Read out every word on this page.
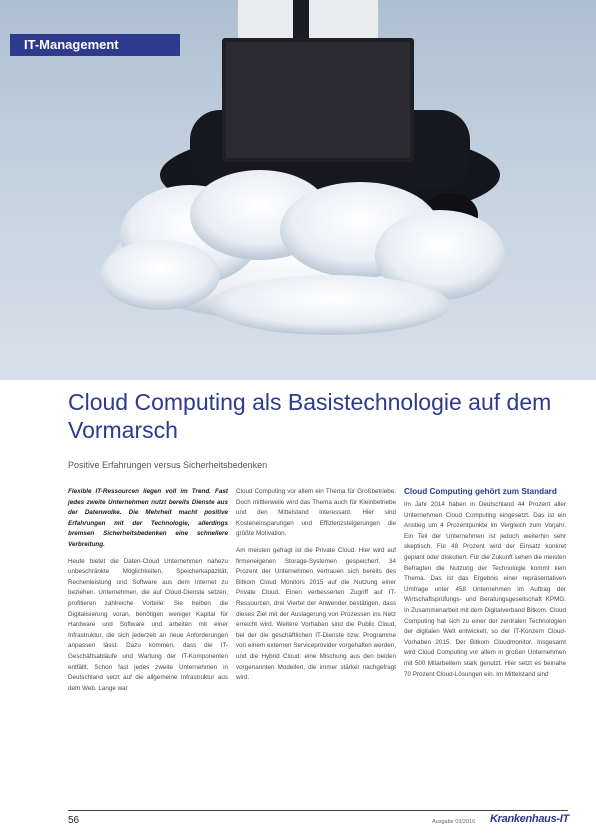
IT-Management
Cloud Computing als Basistechnologie auf dem Vormarsch

Positive Erfahrungen versus Sicherheitsbedenken

Flexible IT-Ressourcen liegen voll im Trend. Fast jedes zweite Unternehmen nutzt bereits Dienste aus der Datenwolke. Die Mehrheit macht positive Erfahrungen mit der Technologie, allerdings bremsen Sicherheitsbedenken eine schnellere Verbreitung.

Heute bietet die Daten-Cloud Unternehmen nahezu unbeschränkte Möglichkeiten, Speicherkapazität, Rechenleistung und Software aus dem Internet zu beziehen. Unternehmen, die auf Cloud-Dienste setzen, profitieren zahlreiche Vorteile: Sie treiben die Digitalisierung voran, benötigen weniger Kapital für Hardware und Software und arbeiten mit einer Infrastruktur, die sich jederzeit an neue Anforderungen anpassen lässt. Dazu kommen, dass die IT-Geschäftsabläufe und Wartung der IT-Komponenten entfällt. Schon fast jedes zweite Unternehmen in Deutschland setzt auf die allgemeine Infrastruktur aus dem Web. Lange war

Cloud Computing vor allem ein Thema für Großbetriebe. Doch mittlerweile wird das Thema auch für Kleinbetriebe und den Mittelstand interessant. Hier sind Kosteneinsparungen und Effizienzsteigerungen die größte Motivation.

Am meisten gefragt ist die Private Cloud. Hier wird auf firmeneigenen Storage-Systemen gespeichert. 34 Prozent der Unternehmen vertrauen sich bereits des Bitkom Cloud Monitors 2015 auf die Nutzung einer Private Cloud. Einen verbesserten Zugriff auf IT-Ressourcen, drei Viertel der Anwender bestätigen, dass dieses Ziel mit der Auslagerung von Prozessen ins Netz erreicht wird. Weitere Vorhaben sind die Public Cloud, bei der die geschäftlichen IT-Dienste bzw. Programme von einem externen Serviceprovider vorgehalten werden, und die Hybrid Cloud: eine Mischung aus den beiden vorgenannten Modellen, die immer stärker nachgefragt wird.

Cloud Computing gehört zum Standard

Im Jahr 2014 haben in Deutschland 44 Prozent aller Unternehmen Cloud Computing eingesetzt. Das ist ein Anstieg um 4 Prozentpunkte im Vergleich zum Vorjahr. Ein Teil der Unternehmen ist jedoch weiterhin sehr skeptisch. Für 48 Prozent wird der Einsatz konkret geplant oder diskutiert. Für die Zukunft sehen die meisten Befragten die Nutzung der Technologie kommt kein Thema. Das ist das Ergebnis einer repräsentativen Umfrage unter 458 Unternehmen im Auftrag der Wirtschaftsprüfungs- und Beratungsgesellschaft KPMG. In Zusammenarbeit mit dem Digitalverband Bitkom. Cloud Computing hat sich zu einer der zentralen Technologien der digitalen Welt entwickelt, so der IT-Konzern Cloud-Vorhaben 2015. Der Bitkom Cloudmonitor. Insgesamt wird Cloud Computing vor allem in großen Unternehmen mit 500 Mitarbeitern stark genutzt. Hier setzt es beinahe 70 Prozent Cloud-Lösungen ein. Im Mittelstand sind

56	Ausgabe 03/2016 Krankenhaus-IT
